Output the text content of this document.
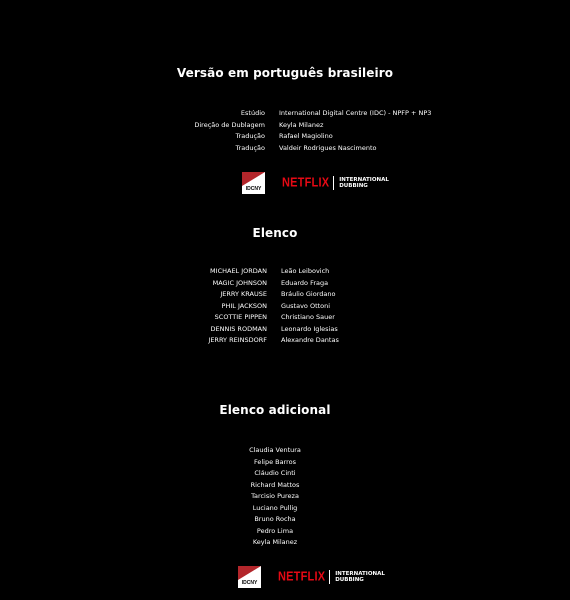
Versão em português brasileiro
Estúdio	International Digital Centre (IDC) - NPFP + NP3
Direção de Dublagem	Keyla Milanez
Tradução	Rafael Magiolino
Tradução	Valdeir Rodrigues Nascimento
IDCNY	NETFLIX INTERNATIONAL
DUBBING
Elenco
MICHAEL JORDAN	Leão Leibovich
MAGIC JOHNSON	Eduardo Fraga
JERRY KRAUSE	Bráulio Giordano
PHIL JACKSON	Gustavo Ottoni
SCOTTIE PIPPEN	Christiano Sauer
DENNIS RODMAN	Leonardo Iglesias
JERRY REINSDORF	Alexandre Dantas
Elenco adicional
Claudia Ventura
Felipe Barros
Cláudio Cinti
Richard Mattos
Tarcisio Pureza
Luciano Pullig
Bruno Rocha
Pedro Lima
Keyla Milanez
IDCNY	NETFLIX INTERNATIONAL
DUBBING
